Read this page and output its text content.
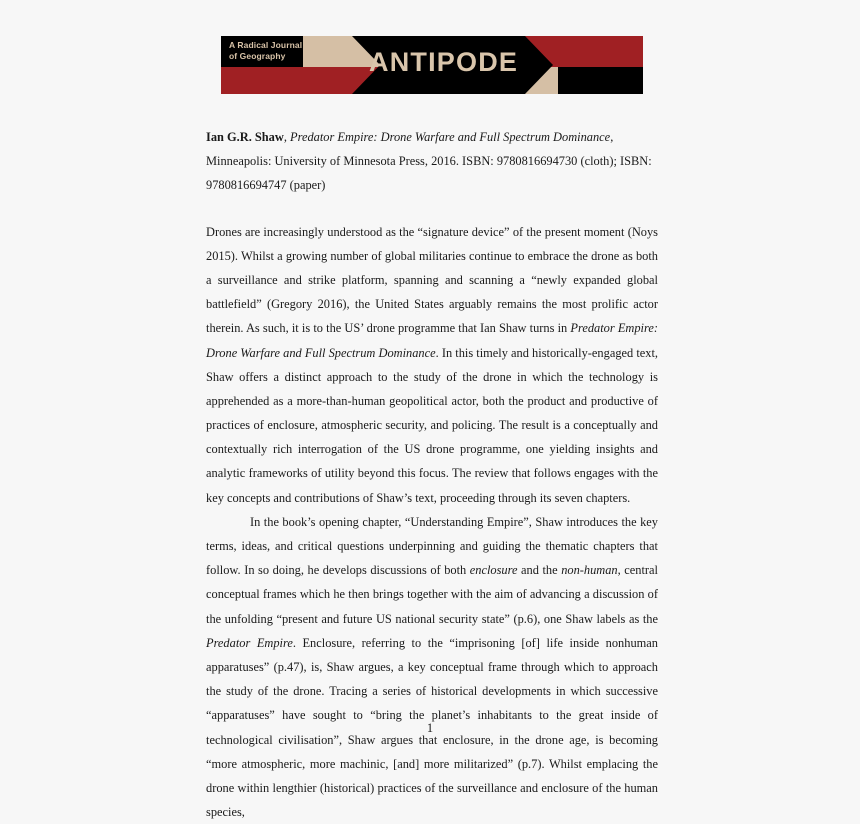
A Radical Journal
of Geography	ANTIPODE
Ian G.R. Shaw, Predator Empire: Drone Warfare and Full Spectrum Dominance, Minneapolis: University of Minnesota Press, 2016. ISBN: 9780816694730 (cloth); ISBN: 9780816694747 (paper)

Drones are increasingly understood as the “signature device” of the present moment (Noys 2015). Whilst a growing number of global militaries continue to embrace the drone as both a surveillance and strike platform, spanning and scanning a “newly expanded global battlefield” (Gregory 2016), the United States arguably remains the most prolific actor therein. As such, it is to the US’ drone programme that Ian Shaw turns in Predator Empire: Drone Warfare and Full Spectrum Dominance. In this timely and historically-engaged text, Shaw offers a distinct approach to the study of the drone in which the technology is apprehended as a more-than-human geopolitical actor, both the product and productive of practices of enclosure, atmospheric security, and policing. The result is a conceptually and contextually rich interrogation of the US drone programme, one yielding insights and analytic frameworks of utility beyond this focus. The review that follows engages with the key concepts and contributions of Shaw’s text, proceeding through its seven chapters.

In the book’s opening chapter, “Understanding Empire”, Shaw introduces the key terms, ideas, and critical questions underpinning and guiding the thematic chapters that follow. In so doing, he develops discussions of both enclosure and the non-human, central conceptual frames which he then brings together with the aim of advancing a discussion of the unfolding “present and future US national security state” (p.6), one Shaw labels as the Predator Empire. Enclosure, referring to the “imprisoning [of] life inside nonhuman apparatuses” (p.47), is, Shaw argues, a key conceptual frame through which to approach the study of the drone. Tracing a series of historical developments in which successive “apparatuses” have sought to “bring the planet’s inhabitants to the great inside of technological civilisation”, Shaw argues that enclosure, in the drone age, is becoming “more atmospheric, more machinic, [and] more militarized” (p.7). Whilst emplacing the drone within lengthier (historical) practices of the surveillance and enclosure of the human species,

1
